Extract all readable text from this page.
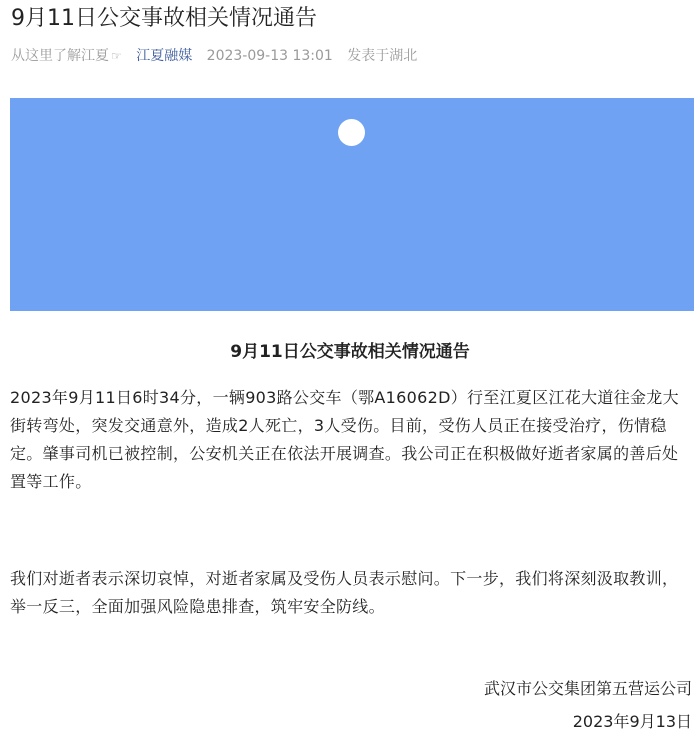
9月11日公交事故相关情况通告
从这里了解江夏 ☞ 江夏融媒 2023-09-13 13:01 发表于湖北
9月11日公交事故相关情况通告
2023年9月11日6时34分，一辆903路公交车（鄂A16062D）行至江夏区江花大道往金龙大街转弯处，突发交通意外，造成2人死亡，3人受伤。目前，受伤人员正在接受治疗，伤情稳定。肇事司机已被控制，公安机关正在依法开展调查。我公司正在积极做好逝者家属的善后处置等工作。
我们对逝者表示深切哀悼，对逝者家属及受伤人员表示慰问。下一步，我们将深刻汲取教训，举一反三，全面加强风险隐患排查，筑牢安全防线。
武汉市公交集团第五营运公司
2023年9月13日
